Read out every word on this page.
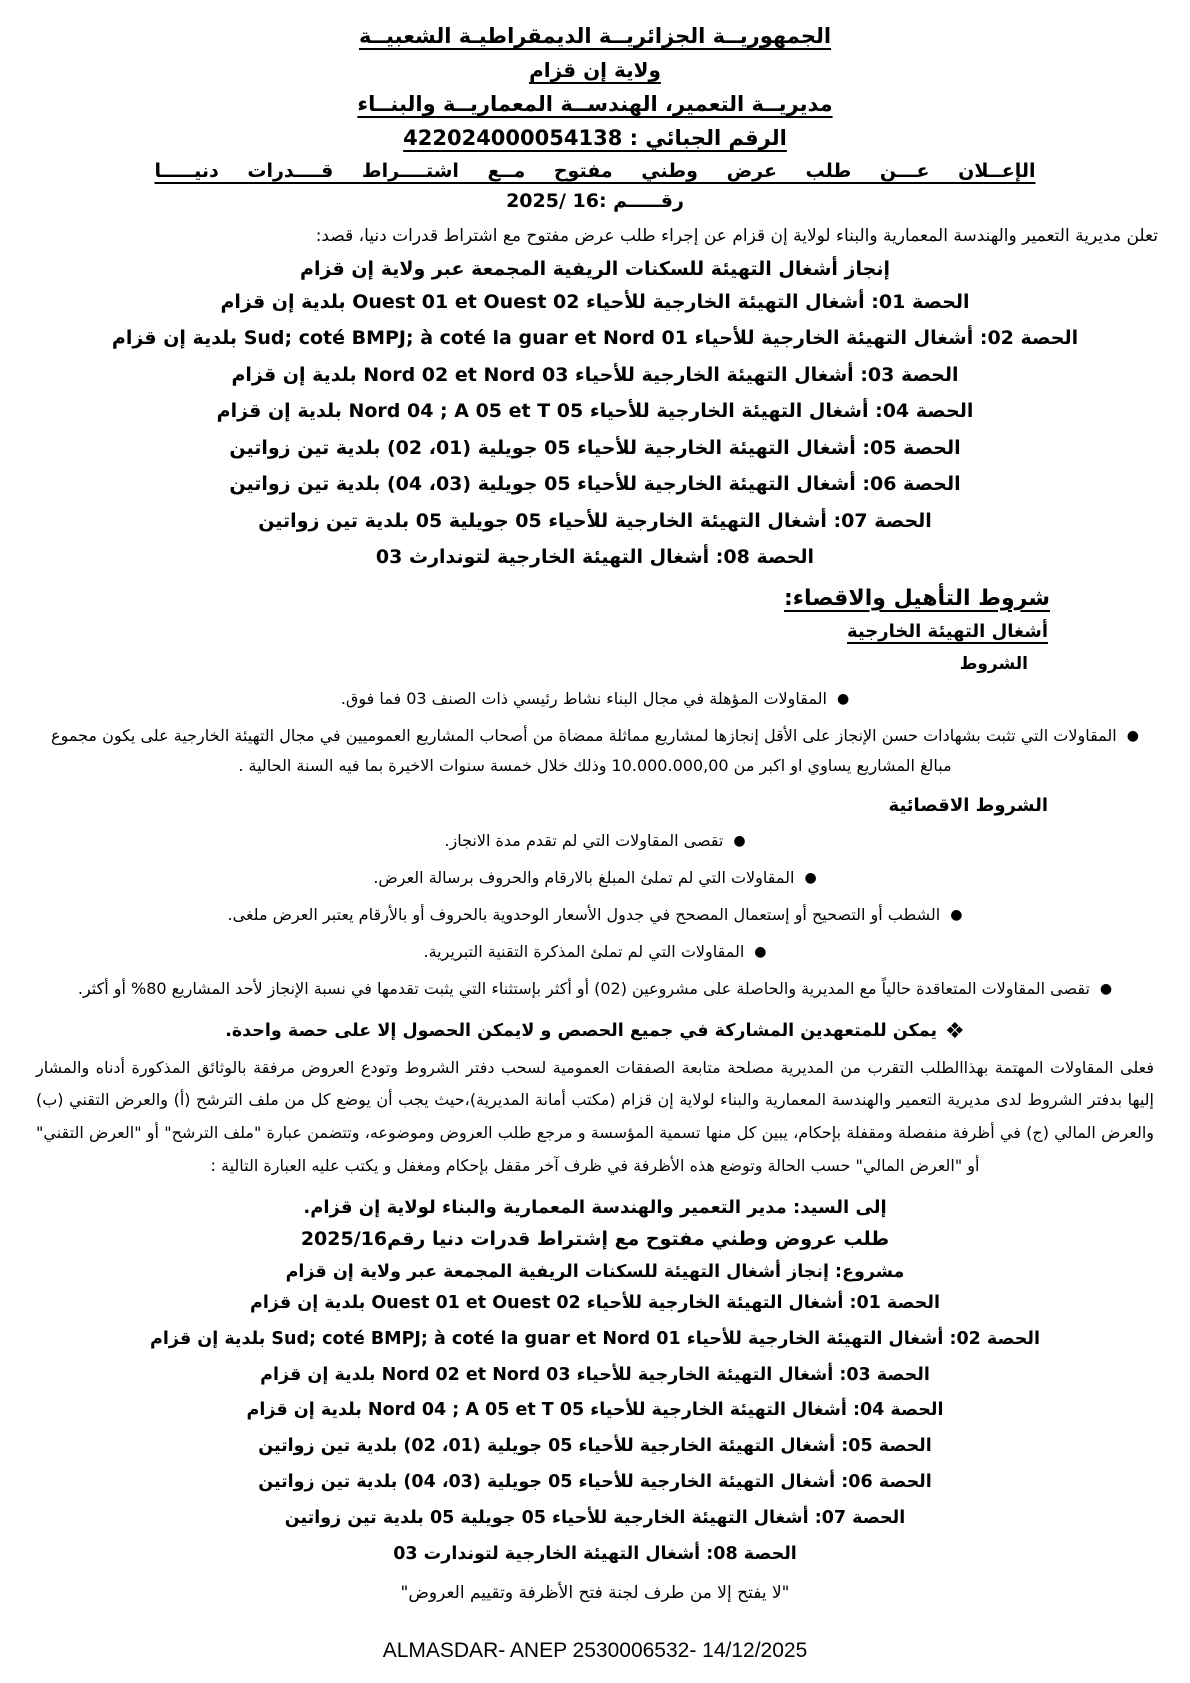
الجمهوريــة الجزائريــة الديمقراطيـة الشعبيــة
ولاية إن قزام
مديريــة التعمير، الهندســة المعماريــة والبنــاء
الرقم الجبائي : 422024000054138
الإعــلان عـــن طلب عرض وطني مفتوح مــع اشتــــراط قــــدرات دنيـــــا
رقـــــم :16 /2025
تعلن مديرية التعمير والهندسة المعمارية والبناء لولاية إن قزام عن إجراء طلب عرض مفتوح مع اشتراط قدرات دنيا، قصد:
إنجاز أشغال التهيئة للسكنات الريفية المجمعة عبر ولاية إن قزام
الحصة 01: أشغال التهيئة الخارجية للأحياء Ouest 01 et Ouest 02 بلدية إن قزام
الحصة 02: أشغال التهيئة الخارجية للأحياء Sud; coté BMPJ; à coté la guar et Nord 01 بلدية إن قزام
الحصة 03: أشغال التهيئة الخارجية للأحياء Nord 02 et Nord 03 بلدية إن قزام
الحصة 04: أشغال التهيئة الخارجية للأحياء Nord 04 ; A 05 et T 05 بلدية إن قزام
الحصة 05: أشغال التهيئة الخارجية للأحياء 05 جويلية (01، 02) بلدية تين زواتين
الحصة 06: أشغال التهيئة الخارجية للأحياء 05 جويلية (03، 04) بلدية تين زواتين
الحصة 07: أشغال التهيئة الخارجية للأحياء 05 جويلية 05 بلدية تين زواتين
الحصة 08: أشغال التهيئة الخارجية لتوندارث 03
شروط التأهيل والاقصاء:
أشغال التهيئة الخارجية
الشروط
●المقاولات المؤهلة في مجال البناء نشاط رئيسي ذات الصنف 03 فما فوق.
●المقاولات التي تثبت بشهادات حسن الإنجاز على الأقل إنجازها لمشاريع مماثلة ممضاة من أصحاب المشاريع العموميين في مجال التهيئة الخارجية على يكون مجموع مبالغ المشاريع يساوي او اكبر من 10.000.000,00 وذلك خلال خمسة سنوات الاخيرة بما فيه السنة الحالية .
الشروط الاقصائية
●تقصى المقاولات التي لم تقدم مدة الانجاز.
●المقاولات التي لم تملئ المبلغ بالارقام والحروف برسالة العرض.
●الشطب أو التصحيح أو إستعمال المصحح في جدول الأسعار الوحدوية بالحروف أو بالأرقام يعتبر العرض ملغى.
●المقاولات التي لم تملئ المذكرة التقنية التبريرية.
●تقصى المقاولات المتعاقدة حالياً مع المديرية والحاصلة على مشروعين (02) أو أكثر بإستثناء التي يثبت تقدمها في نسبة الإنجاز لأحد المشاريع 80% أو أكثر.
❖يمكن للمتعهدين المشاركة في جميع الحصص و لايمكن الحصول إلا على حصة واحدة.
فعلى المقاولات المهتمة بهذاالطلب التقرب من المديرية مصلحة متابعة الصفقات العمومية لسحب دفتر الشروط وتودع العروض مرفقة بالوثائق المذكورة أدناه والمشار إليها بدفتر الشروط لدى مديرية التعمير والهندسة المعمارية والبناء لولاية إن قزام (مكتب أمانة المديرية)،حيث يجب أن يوضع كل من ملف الترشح (أ) والعرض التقني (ب) والعرض المالي (ج) في أظرفة منفصلة ومقفلة بإحكام، يبين كل منها تسمية المؤسسة و مرجع طلب العروض وموضوعه، وتتضمن عبارة "ملف الترشح" أو "العرض التقني" أو "العرض المالي" حسب الحالة وتوضع هذه الأظرفة في ظرف آخر مقفل بإحكام ومغفل و يكتب عليه العبارة التالية :
إلى السيد: مدير التعمير والهندسة المعمارية والبناء لولاية إن قزام.
طلب عروض وطني مفتوح مع إشتراط قدرات دنيا رقم2025/16
مشروع: إنجاز أشغال التهيئة للسكنات الريفية المجمعة عبر ولاية إن قزام
الحصة 01: أشغال التهيئة الخارجية للأحياء Ouest 01 et Ouest 02 بلدية إن قزام
الحصة 02: أشغال التهيئة الخارجية للأحياء Sud; coté BMPJ; à coté la guar et Nord 01 بلدية إن قزام
الحصة 03: أشغال التهيئة الخارجية للأحياء Nord 02 et Nord 03 بلدية إن قزام
الحصة 04: أشغال التهيئة الخارجية للأحياء Nord 04 ; A 05 et T 05 بلدية إن قزام
الحصة 05: أشغال التهيئة الخارجية للأحياء 05 جويلية (01، 02) بلدية تين زواتين
الحصة 06: أشغال التهيئة الخارجية للأحياء 05 جويلية (03، 04) بلدية تين زواتين
الحصة 07: أشغال التهيئة الخارجية للأحياء 05 جويلية 05 بلدية تين زواتين
الحصة 08: أشغال التهيئة الخارجية لتوندارت 03
"لا يفتح إلا من طرف لجنة فتح الأظرفة وتقييم العروض"
ALMASDAR- ANEP 2530006532- 14/12/2025
